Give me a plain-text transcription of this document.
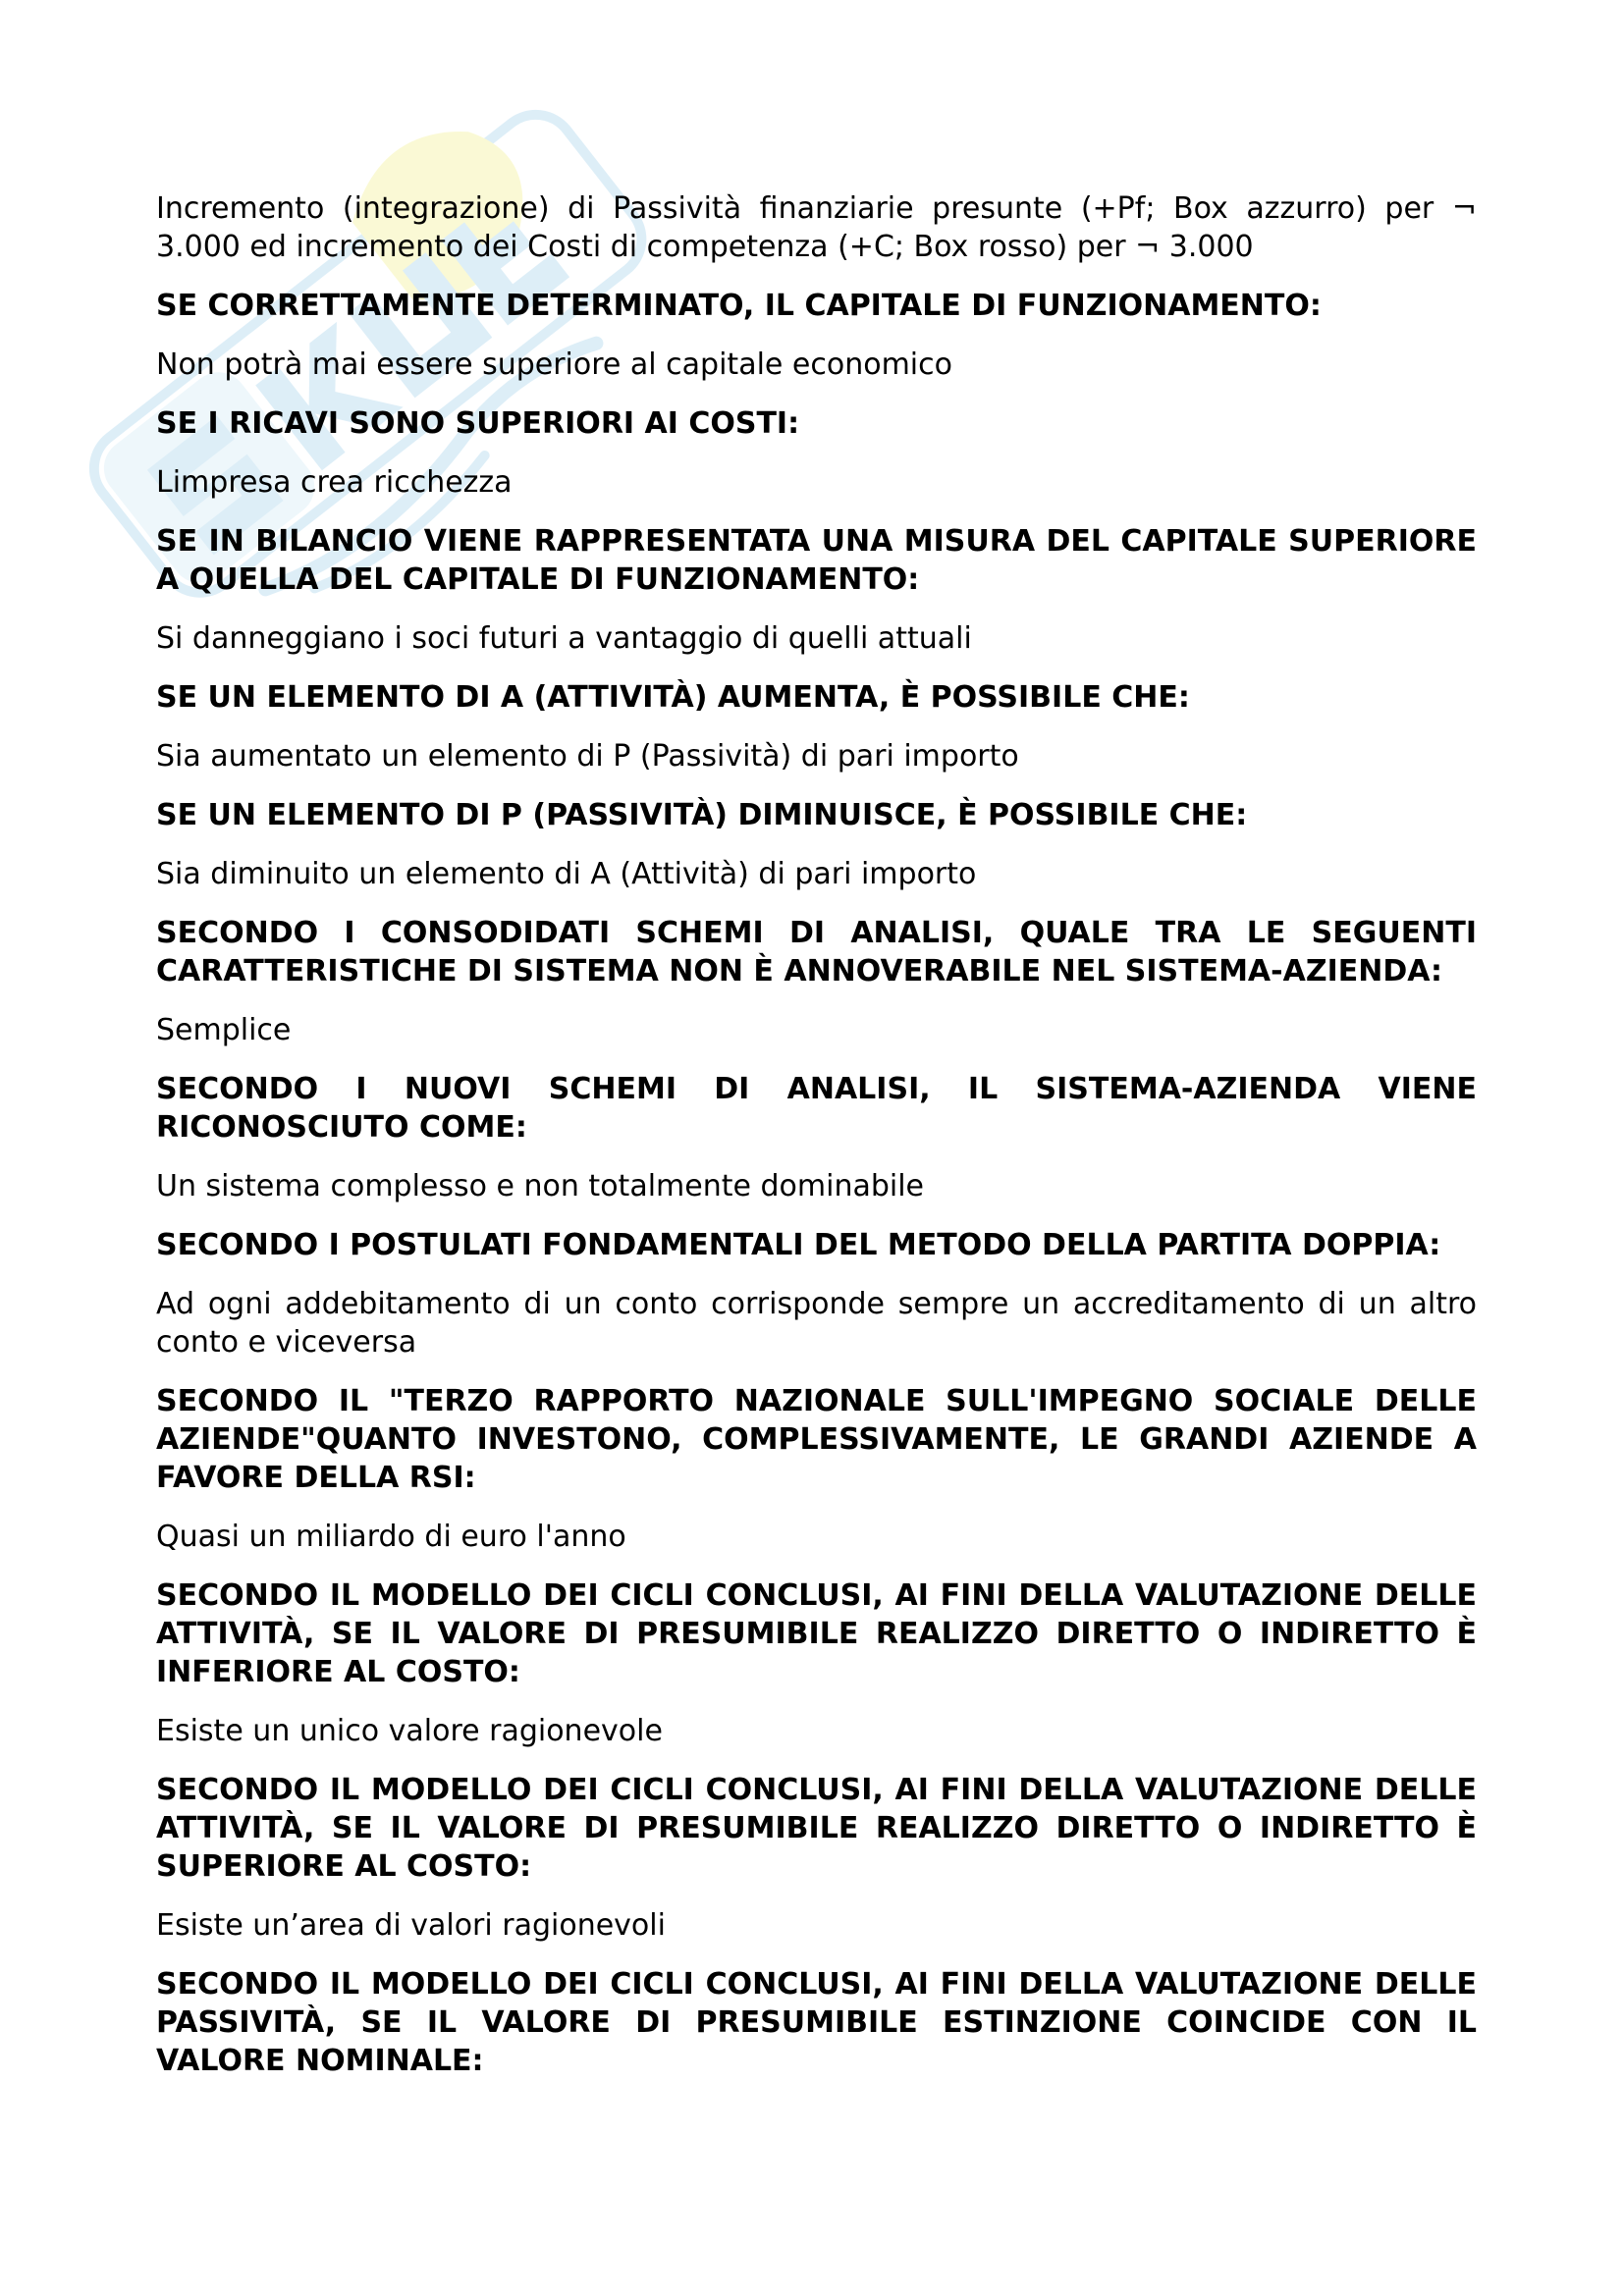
Incremento (integrazione) di Passività finanziarie presunte (+Pf; Box azzurro) per ¬ 3.000 ed incremento dei Costi di competenza (+C; Box rosso) per ¬ 3.000

SE CORRETTAMENTE DETERMINATO, IL CAPITALE DI FUNZIONAMENTO:

Non potrà mai essere superiore al capitale economico

SE I RICAVI SONO SUPERIORI AI COSTI:

Limpresa crea ricchezza

SE IN BILANCIO VIENE RAPPRESENTATA UNA MISURA DEL CAPITALE SUPERIORE A QUELLA DEL CAPITALE DI FUNZIONAMENTO:

Si danneggiano i soci futuri a vantaggio di quelli attuali

SE UN ELEMENTO DI A (ATTIVITÀ) AUMENTA, È POSSIBILE CHE:

Sia aumentato un elemento di P (Passività) di pari importo

SE UN ELEMENTO DI P (PASSIVITÀ) DIMINUISCE, È POSSIBILE CHE:

Sia diminuito un elemento di A (Attività) di pari importo

SECONDO I CONSODIDATI SCHEMI DI ANALISI, QUALE TRA LE SEGUENTI CARATTERISTICHE DI SISTEMA NON È ANNOVERABILE NEL SISTEMA-AZIENDA:

Semplice

SECONDO I NUOVI SCHEMI DI ANALISI, IL SISTEMA-AZIENDA VIENE RICONOSCIUTO COME:

Un sistema complesso e non totalmente dominabile

SECONDO I POSTULATI FONDAMENTALI DEL METODO DELLA PARTITA DOPPIA:

Ad ogni addebitamento di un conto corrisponde sempre un accreditamento di un altro conto e viceversa

SECONDO IL "TERZO RAPPORTO NAZIONALE SULL'IMPEGNO SOCIALE DELLE AZIENDE"QUANTO INVESTONO, COMPLESSIVAMENTE, LE GRANDI AZIENDE A FAVORE DELLA RSI:

Quasi un miliardo di euro l'anno

SECONDO IL MODELLO DEI CICLI CONCLUSI, AI FINI DELLA VALUTAZIONE DELLE ATTIVITÀ, SE IL VALORE DI PRESUMIBILE REALIZZO DIRETTO O INDIRETTO È INFERIORE AL COSTO:

Esiste un unico valore ragionevole

SECONDO IL MODELLO DEI CICLI CONCLUSI, AI FINI DELLA VALUTAZIONE DELLE ATTIVITÀ, SE IL VALORE DI PRESUMIBILE REALIZZO DIRETTO O INDIRETTO È SUPERIORE AL COSTO:

Esiste un’area di valori ragionevoli

SECONDO IL MODELLO DEI CICLI CONCLUSI, AI FINI DELLA VALUTAZIONE DELLE PASSIVITÀ, SE IL VALORE DI PRESUMIBILE ESTINZIONE COINCIDE CON IL VALORE NOMINALE:
